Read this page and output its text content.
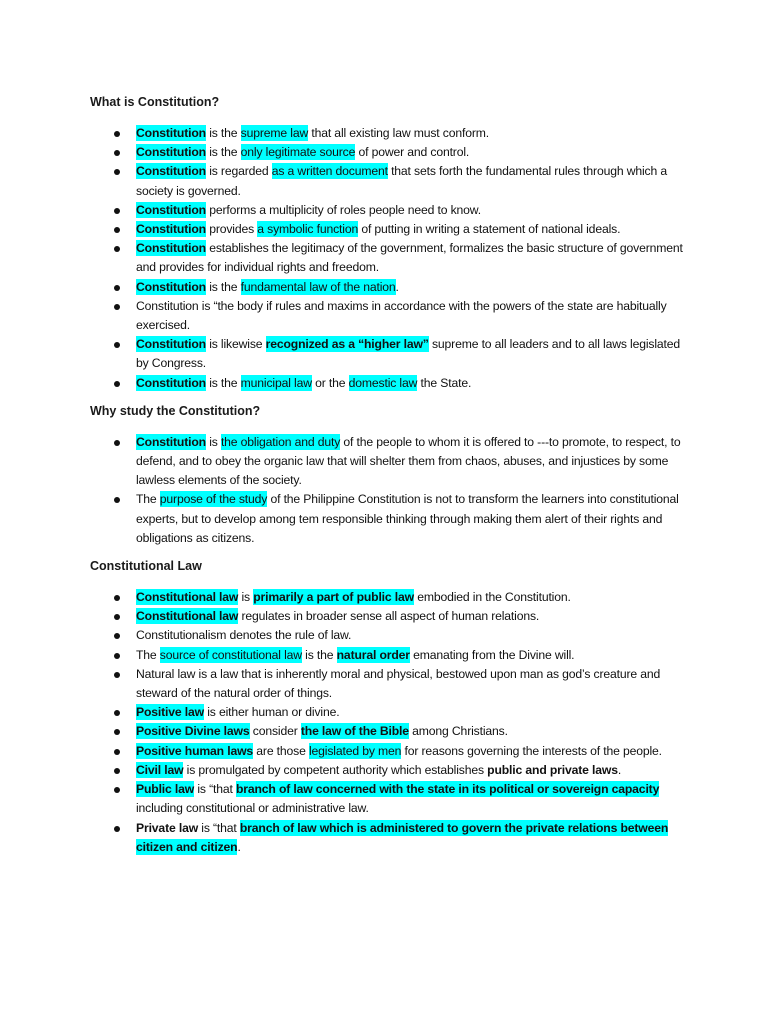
What is Constitution?
Constitution is the supreme law that all existing law must conform.
Constitution is the only legitimate source of power and control.
Constitution is regarded as a written document that sets forth the fundamental rules through which a society is governed.
Constitution performs a multiplicity of roles people need to know.
Constitution provides a symbolic function of putting in writing a statement of national ideals.
Constitution establishes the legitimacy of the government, formalizes the basic structure of government and provides for individual rights and freedom.
Constitution is the fundamental law of the nation.
Constitution is “the body if rules and maxims in accordance with the powers of the state are habitually exercised.
Constitution is likewise recognized as a “higher law” supreme to all leaders and to all laws legislated by Congress.
Constitution is the municipal law or the domestic law the State.
Why study the Constitution?
Constitution is the obligation and duty of the people to whom it is offered to ---to promote, to respect, to defend, and to obey the organic law that will shelter them from chaos, abuses, and injustices by some lawless elements of the society.
The purpose of the study of the Philippine Constitution is not to transform the learners into constitutional experts, but to develop among tem responsible thinking through making them alert of their rights and obligations as citizens.
Constitutional Law
Constitutional law is primarily a part of public law embodied in the Constitution.
Constitutional law regulates in broader sense all aspect of human relations.
Constitutionalism denotes the rule of law.
The source of constitutional law is the natural order emanating from the Divine will.
Natural law is a law that is inherently moral and physical, bestowed upon man as god’s creature and steward of the natural order of things.
Positive law is either human or divine.
Positive Divine laws consider the law of the Bible among Christians.
Positive human laws are those legislated by men for reasons governing the interests of the people.
Civil law is promulgated by competent authority which establishes public and private laws.
Public law is “that branch of law concerned with the state in its political or sovereign capacity including constitutional or administrative law.
Private law is “that branch of law which is administered to govern the private relations between citizen and citizen.
